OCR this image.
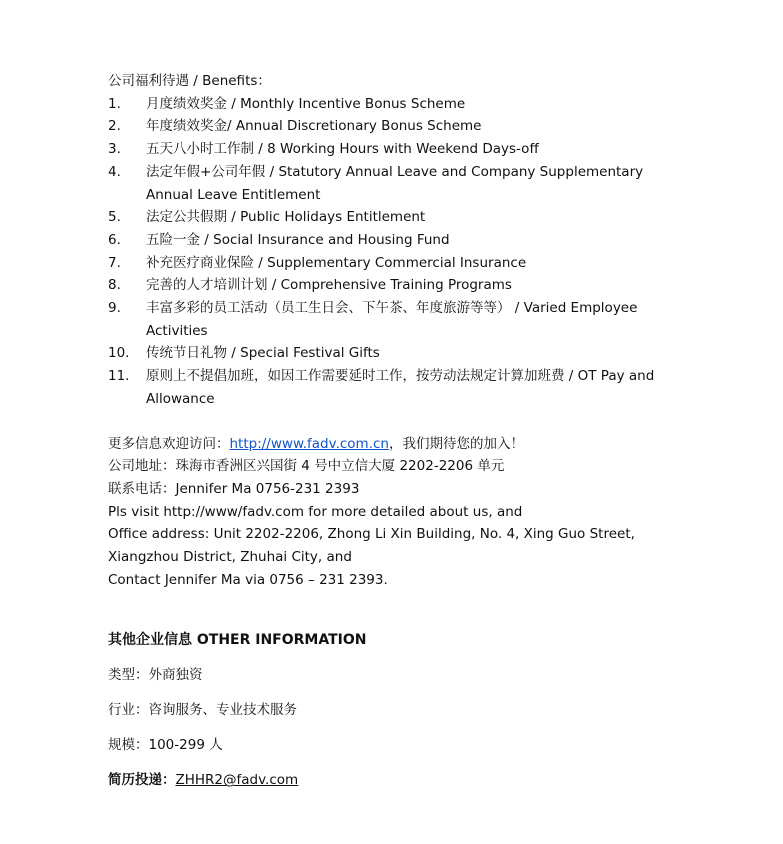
公司福利待遇 / Benefits：
1. 月度绩效奖金 / Monthly Incentive Bonus Scheme
2. 年度绩效奖金/ Annual Discretionary Bonus Scheme
3. 五天八小时工作制 / 8 Working Hours with Weekend Days-off
4. 法定年假+公司年假 / Statutory Annual Leave and Company Supplementary Annual Leave Entitlement
5. 法定公共假期 / Public Holidays Entitlement
6. 五险一金 / Social Insurance and Housing Fund
7. 补充医疗商业保险 / Supplementary Commercial Insurance
8. 完善的人才培训计划 / Comprehensive Training Programs
9. 丰富多彩的员工活动（员工生日会、下午茶、年度旅游等等） / Varied Employee Activities
10. 传统节日礼物 / Special Festival Gifts
11. 原则上不提倡加班，如因工作需要延时工作，按劳动法规定计算加班费 / OT Pay and Allowance
更多信息欢迎访问：http://www.fadv.com.cn，我们期待您的加入！
公司地址：珠海市香洲区兴国街 4 号中立信大厦 2202-2206 单元
联系电话：Jennifer Ma 0756-231 2393
Pls visit http://www/fadv.com for more detailed about us, and
Office address: Unit 2202-2206, Zhong Li Xin Building, No. 4, Xing Guo Street, Xiangzhou District, Zhuhai City, and
Contact Jennifer Ma via 0756 – 231 2393.
其他企业信息 OTHER INFORMATION
类型：外商独资
行业：咨询服务、专业技术服务
规模：100-299 人
简历投递：ZHHR2@fadv.com
